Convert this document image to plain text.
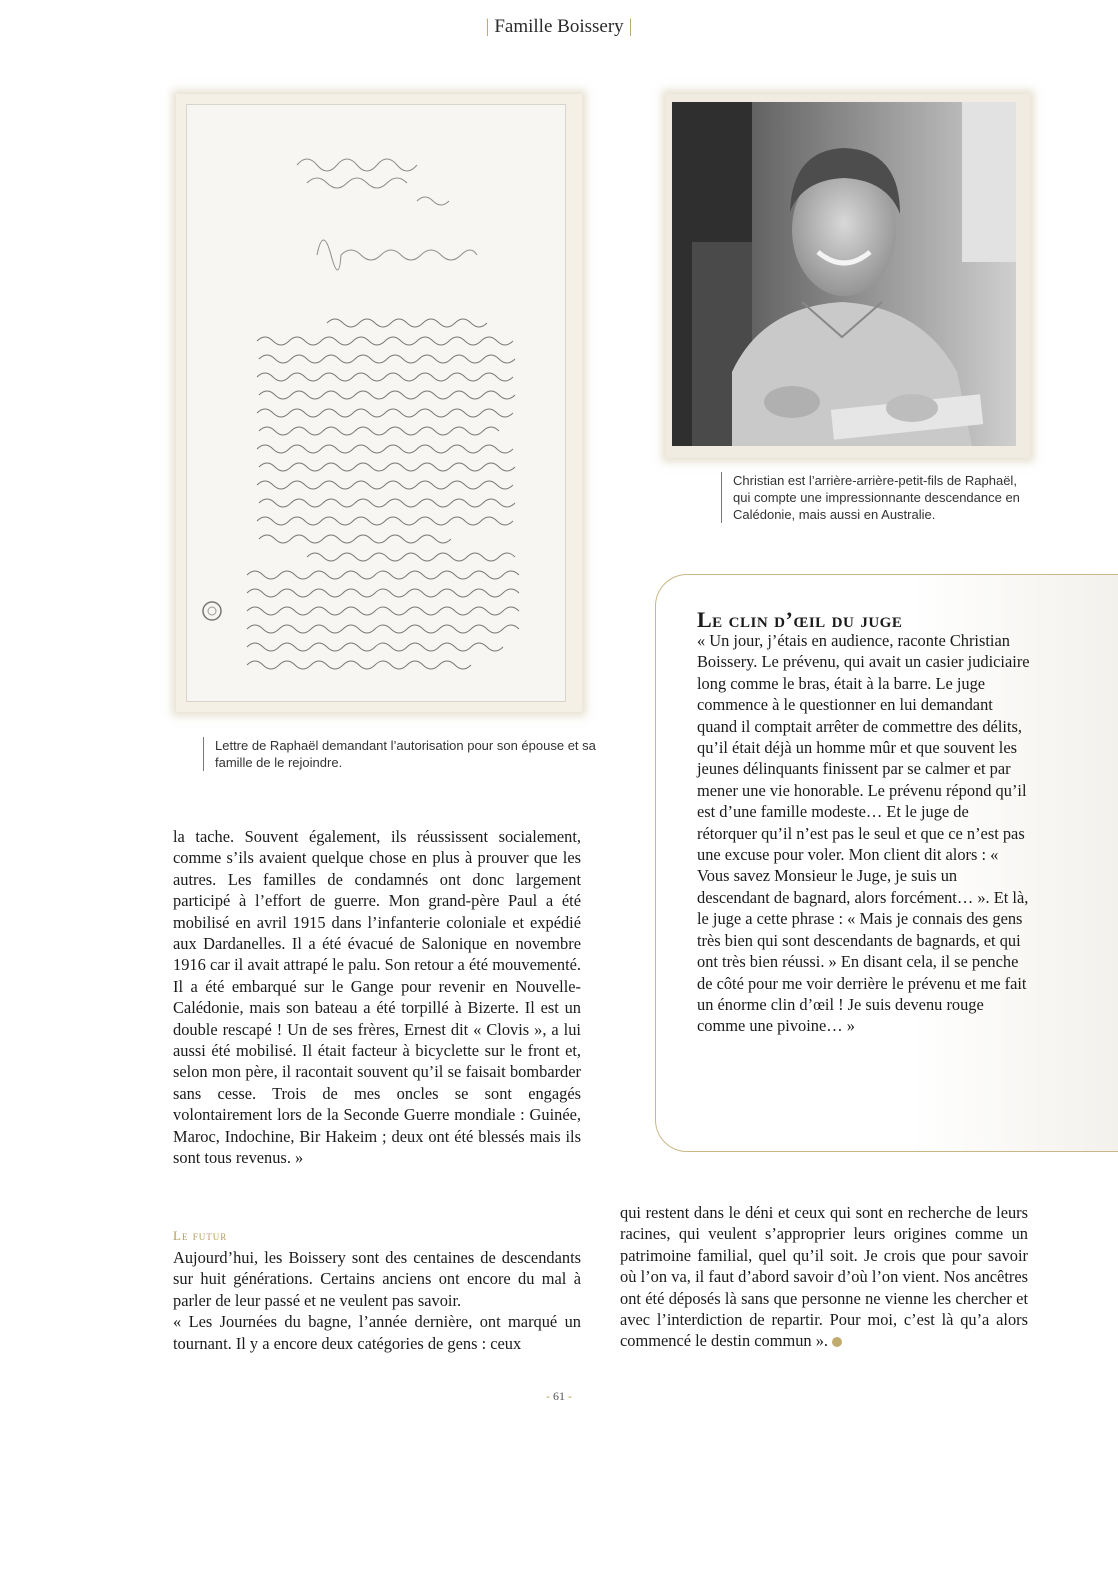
| Famille Boissery |
Christian est l’arrière-arrière-petit-fils de Raphaël, qui compte une impressionnante descendance en Calédonie, mais aussi en Australie.
Lettre de Raphaël demandant l’autorisation pour son épouse et sa famille de le rejoindre.
Le clin d’œil du juge
« Un jour, j’étais en audience, raconte Christian Boissery. Le prévenu, qui avait un casier judiciaire long comme le bras, était à la barre. Le juge commence à le questionner en lui demandant quand il comptait arrêter de commettre des délits, qu’il était déjà un homme mûr et que souvent les jeunes délinquants finissent par se calmer et par mener une vie honorable. Le prévenu répond qu’il est d’une famille modeste… Et le juge de rétorquer qu’il n’est pas le seul et que ce n’est pas une excuse pour voler. Mon client dit alors : « Vous savez Monsieur le Juge, je suis un descendant de bagnard, alors forcément… ». Et là, le juge a cette phrase : « Mais je connais des gens très bien qui sont descendants de bagnards, et qui ont très bien réussi. » En disant cela, il se penche de côté pour me voir derrière le prévenu et me fait un énorme clin d’œil ! Je suis devenu rouge comme une pivoine… »

la tache. Souvent également, ils réussissent socialement, comme s’ils avaient quelque chose en plus à prouver que les autres. Les familles de condamnés ont donc largement participé à l’effort de guerre. Mon grand-père Paul a été mobilisé en avril 1915 dans l’infanterie coloniale et expédié aux Dardanelles. Il a été évacué de Salonique en novembre 1916 car il avait attrapé le palu. Son retour a été mouvementé. Il a été embarqué sur le Gange pour revenir en Nouvelle-Calédonie, mais son bateau a été torpillé à Bizerte. Il est un double rescapé ! Un de ses frères, Ernest dit « Clovis », a lui aussi été mobilisé. Il était facteur à bicyclette sur le front et, selon mon père, il racontait souvent qu’il se faisait bombarder sans cesse. Trois de mes oncles se sont engagés volontairement lors de la Seconde Guerre mondiale : Guinée, Maroc, Indochine, Bir Hakeim ; deux ont été blessés mais ils sont tous revenus. »

Le futur

Aujourd’hui, les Boissery sont des centaines de descendants sur huit générations. Certains anciens ont encore du mal à parler de leur passé et ne veulent pas savoir.

« Les Journées du bagne, l’année dernière, ont marqué un tournant. Il y a encore deux catégories de gens : ceux

qui restent dans le déni et ceux qui sont en recherche de leurs racines, qui veulent s’approprier leurs origines comme un patrimoine familial, quel qu’il soit. Je crois que pour savoir où l’on va, il faut d’abord savoir d’où l’on vient. Nos ancêtres ont été déposés là sans que personne ne vienne les chercher et avec l’interdiction de repartir. Pour moi, c’est là qu’a alors commencé le destin commun ».

- 61 -
